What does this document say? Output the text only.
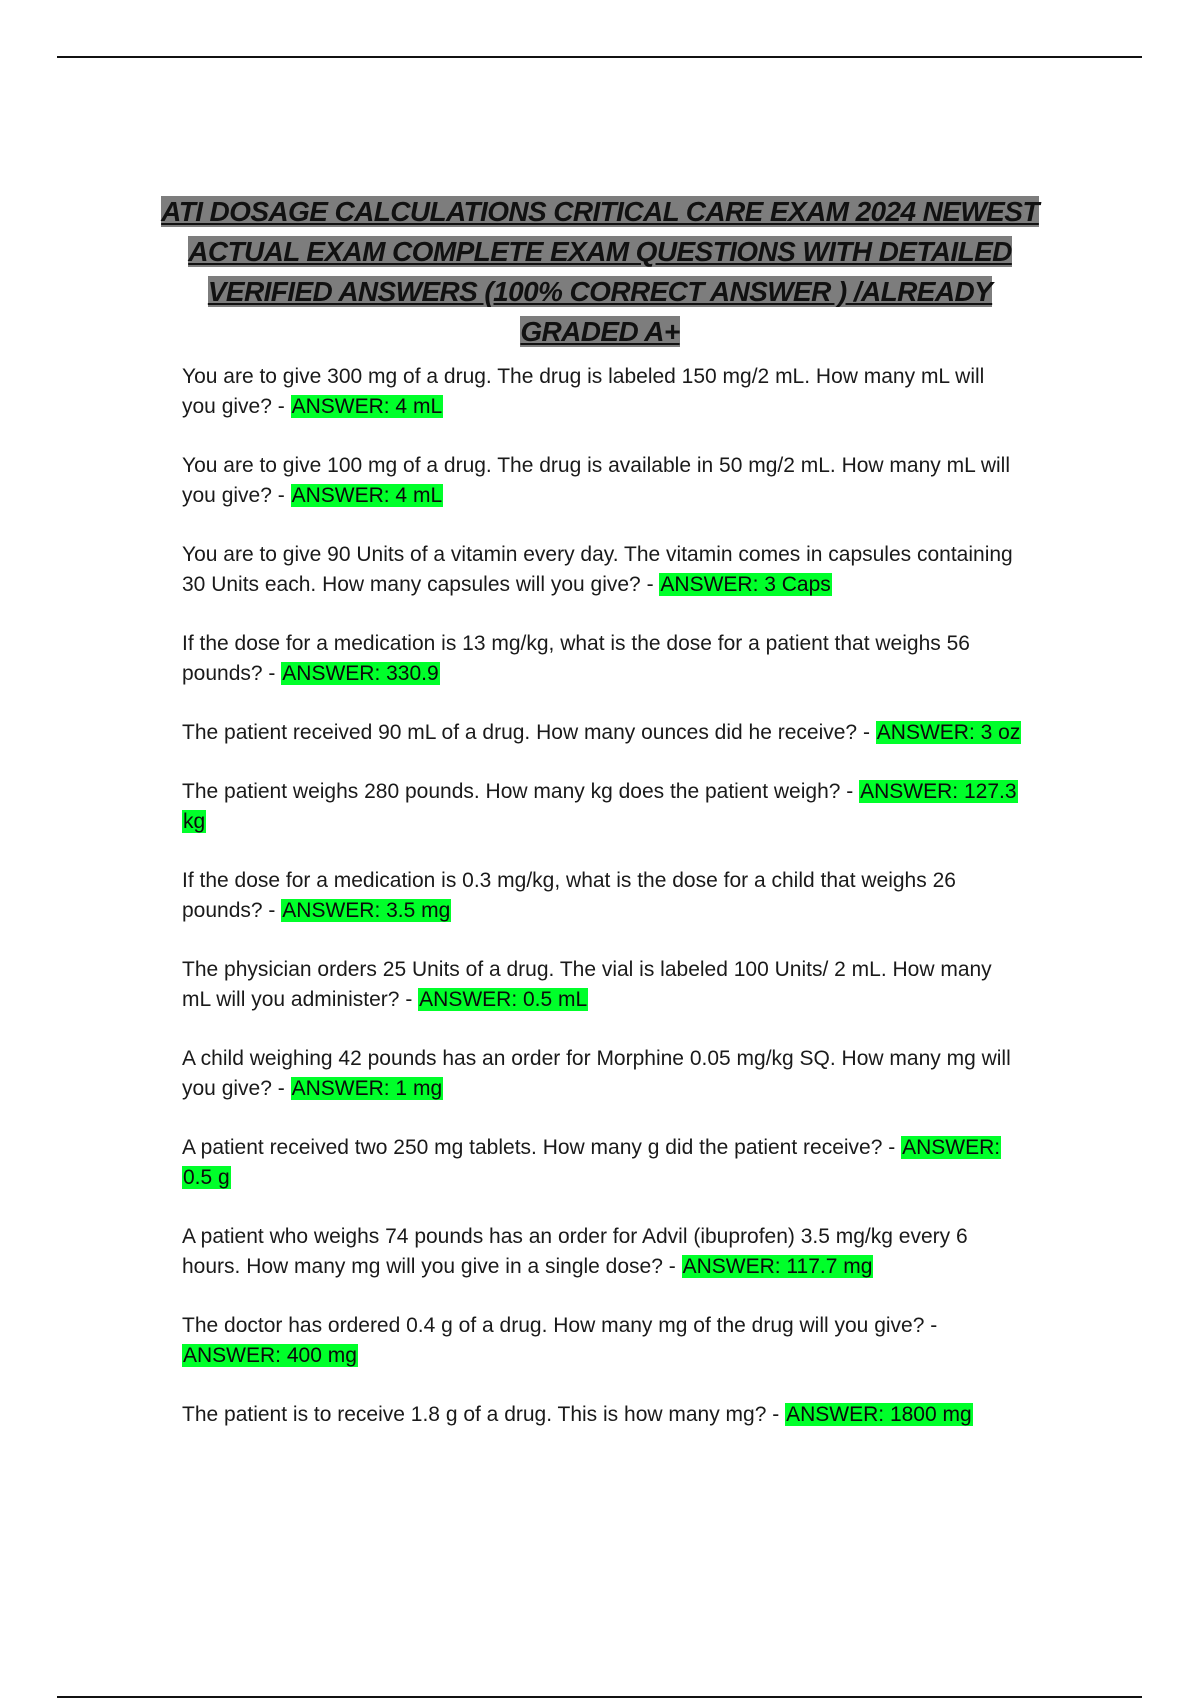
ATI DOSAGE CALCULATIONS CRITICAL CARE EXAM 2024 NEWEST ACTUAL EXAM COMPLETE EXAM QUESTIONS WITH DETAILED VERIFIED ANSWERS (100% CORRECT ANSWER ) /ALREADY GRADED A+
You are to give 300 mg of a drug. The drug is labeled 150 mg/2 mL. How many mL will you give? - ANSWER: 4 mL
You are to give 100 mg of a drug. The drug is available in 50 mg/2 mL. How many mL will you give? - ANSWER: 4 mL
You are to give 90 Units of a vitamin every day. The vitamin comes in capsules containing 30 Units each. How many capsules will you give? - ANSWER: 3 Caps
If the dose for a medication is 13 mg/kg, what is the dose for a patient that weighs 56 pounds? - ANSWER: 330.9
The patient received 90 mL of a drug. How many ounces did he receive? - ANSWER: 3 oz
The patient weighs 280 pounds. How many kg does the patient weigh? - ANSWER: 127.3 kg
If the dose for a medication is 0.3 mg/kg, what is the dose for a child that weighs 26 pounds? - ANSWER: 3.5 mg
The physician orders 25 Units of a drug. The vial is labeled 100 Units/ 2 mL. How many mL will you administer? - ANSWER: 0.5 mL
A child weighing 42 pounds has an order for Morphine 0.05 mg/kg SQ. How many mg will you give? - ANSWER: 1 mg
A patient received two 250 mg tablets. How many g did the patient receive? - ANSWER: 0.5 g
A patient who weighs 74 pounds has an order for Advil (ibuprofen) 3.5 mg/kg every 6 hours. How many mg will you give in a single dose? - ANSWER: 117.7 mg
The doctor has ordered 0.4 g of a drug. How many mg of the drug will you give? - ANSWER: 400 mg
The patient is to receive 1.8 g of a drug. This is how many mg? - ANSWER: 1800 mg
